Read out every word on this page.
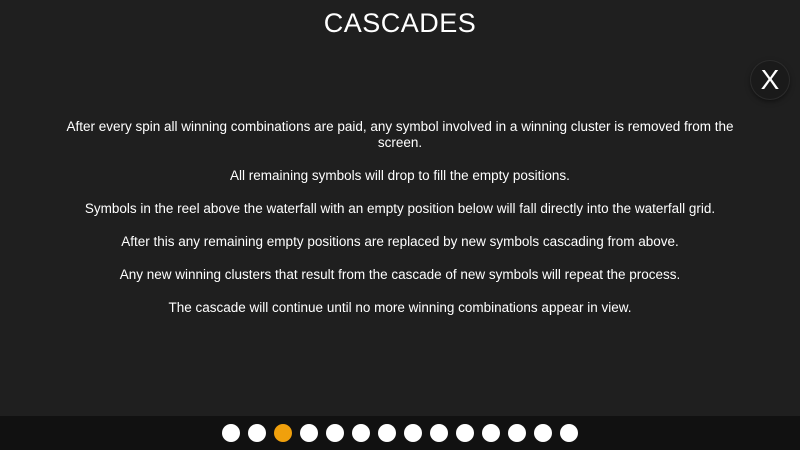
CASCADES
X

After every spin all winning combinations are paid, any symbol involved in a winning cluster is removed from the screen.

All remaining symbols will drop to fill the empty positions.

Symbols in the reel above the waterfall with an empty position below will fall directly into the waterfall grid.

After this any remaining empty positions are replaced by new symbols cascading from above.

Any new winning clusters that result from the cascade of new symbols will repeat the process.

The cascade will continue until no more winning combinations appear in view.
